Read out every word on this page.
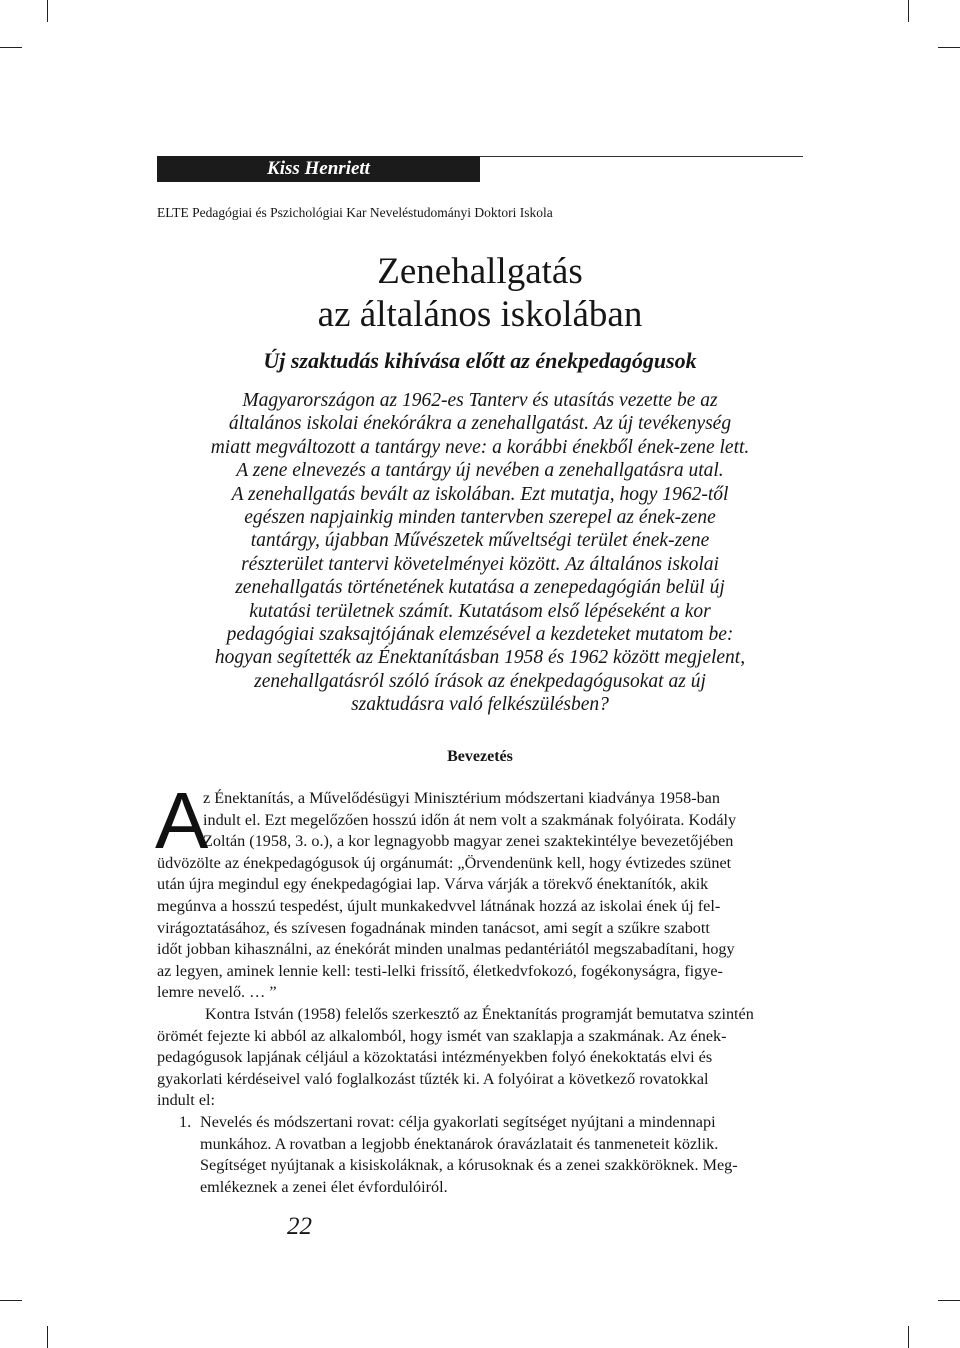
Kiss Henriett
ELTE Pedagógiai és Pszichológiai Kar Neveléstudományi Doktori Iskola
Zenehallgatás
az általános iskolában
Új szaktudás kihívása előtt az énekpedagógusok
Magyarországon az 1962-es Tanterv és utasítás vezette be az
általános iskolai énekórákra a zenehallgatást. Az új tevékenység
miatt megváltozott a tantárgy neve: a korábbi énekből ének-zene lett.
A zene elnevezés a tantárgy új nevében a zenehallgatásra utal.
A zenehallgatás bevált az iskolában. Ezt mutatja, hogy 1962-től
egészen napjainkig minden tantervben szerepel az ének-zene
tantárgy, újabban Művészetek műveltségi terület ének-zene
részterület tantervi követelményei között. Az általános iskolai
zenehallgatás történetének kutatása a zenepedagógián belül új
kutatási területnek számít. Kutatásom első lépéseként a kor
pedagógiai szaksajtójának elemzésével a kezdeteket mutatom be:
hogyan segítették az Énektanításban 1958 és 1962 között megjelent,
zenehallgatásról szóló írások az énekpedagógusokat az új
szaktudásra való felkészülésben?
Bevezetés
A
z Énektanítás, a Művelődésügyi Minisztérium módszertani kiadványa 1958-ban
indult el. Ezt megelőzően hosszú időn át nem volt a szakmának folyóirata. Kodály
Zoltán (1958, 3. o.), a kor legnagyobb magyar zenei szaktekintélye bevezetőjében
üdvözölte az énekpedagógusok új orgánumát: „Örvendenünk kell, hogy évtizedes szünet
után újra megindul egy énekpedagógiai lap. Várva várják a törekvő énektanítók, akik
megúnva a hosszú tespedést, újult munkakedvvel látnának hozzá az iskolai ének új fel-
virágoztatásához, és szívesen fogadnának minden tanácsot, ami segít a szűkre szabott
időt jobban kihasználni, az énekórát minden unalmas pedantériától megszabadítani, hogy
az legyen, aminek lennie kell: testi-lelki frissítő, életkedvfokozó, fogékonyságra, figye-
lemre nevelő. … ”
Kontra István (1958) felelős szerkesztő az Énektanítás programját bemutatva szintén
örömét fejezte ki abból az alkalomból, hogy ismét van szaklapja a szakmának. Az ének-
pedagógusok lapjának céljául a közoktatási intézményekben folyó énekoktatás elvi és
gyakorlati kérdéseivel való foglalkozást tűzték ki. A folyóirat a következő rovatokkal
indult el:
1. Nevelés és módszertani rovat: célja gyakorlati segítséget nyújtani a mindennapi
munkához. A rovatban a legjobb énektanárok óravázlatait és tanmeneteit közlik.
Segítséget nyújtanak a kisiskoláknak, a kórusoknak és a zenei szakköröknek. Meg-
emlékeznek a zenei élet évfordulóiról.
22
